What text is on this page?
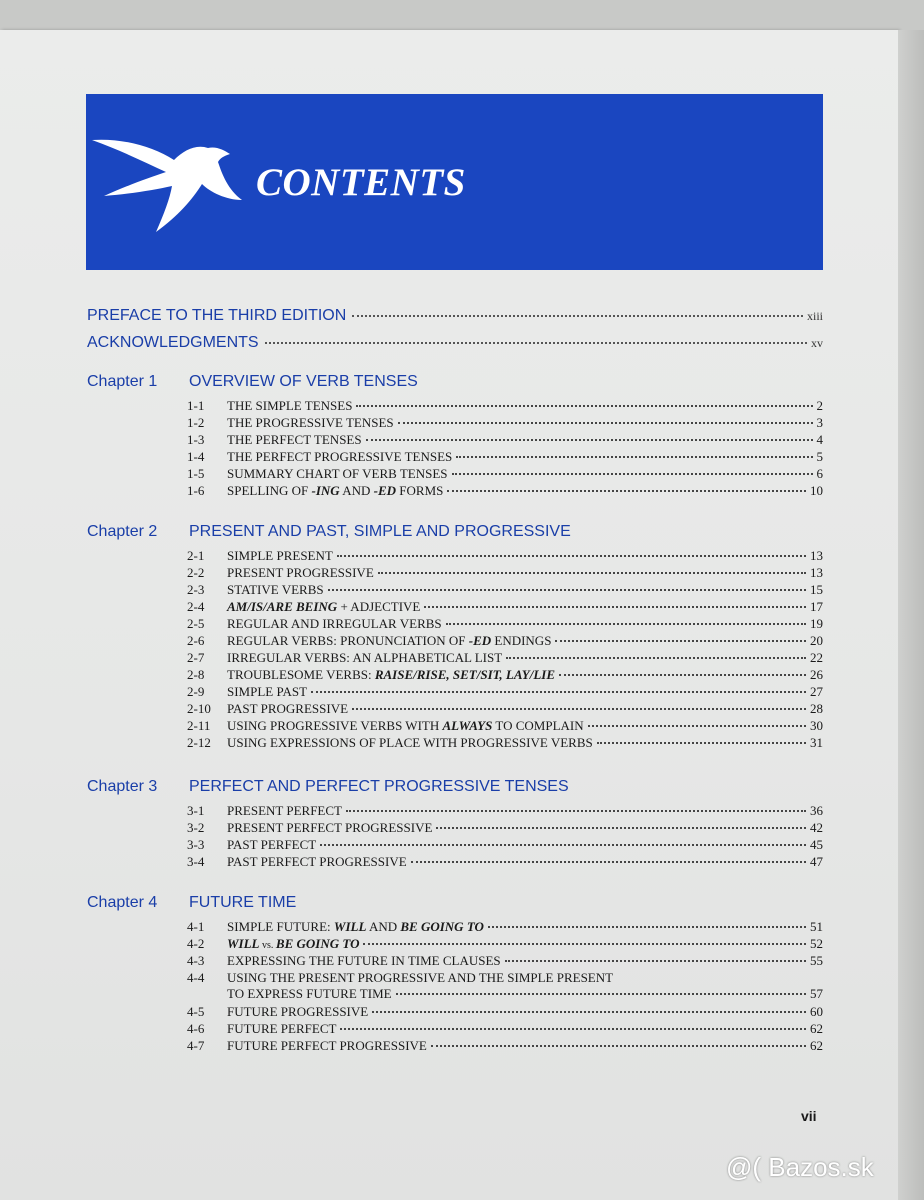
CONTENTS
PREFACE TO THE THIRD EDITION	xiii
ACKNOWLEDGMENTS	xv
Chapter 1	OVERVIEW OF VERB TENSES
1-1	THE SIMPLE TENSES	2
1-2	THE PROGRESSIVE TENSES	3
1-3	THE PERFECT TENSES	4
1-4	THE PERFECT PROGRESSIVE TENSES	5
1-5	SUMMARY CHART OF VERB TENSES	6
1-6	SPELLING OF -ING AND -ED FORMS	10
Chapter 2	PRESENT AND PAST, SIMPLE AND PROGRESSIVE
2-1	SIMPLE PRESENT	13
2-2	PRESENT PROGRESSIVE	13
2-3	STATIVE VERBS	15
2-4	AM/IS/ARE BEING + ADJECTIVE	17
2-5	REGULAR AND IRREGULAR VERBS	19
2-6	REGULAR VERBS: PRONUNCIATION OF -ED ENDINGS	20
2-7	IRREGULAR VERBS: AN ALPHABETICAL LIST	22
2-8	TROUBLESOME VERBS: RAISE/RISE, SET/SIT, LAY/LIE	26
2-9	SIMPLE PAST	27
2-10	PAST PROGRESSIVE	28
2-11	USING PROGRESSIVE VERBS WITH ALWAYS TO COMPLAIN	30
2-12	USING EXPRESSIONS OF PLACE WITH PROGRESSIVE VERBS	31
Chapter 3	PERFECT AND PERFECT PROGRESSIVE TENSES
3-1	PRESENT PERFECT	36
3-2	PRESENT PERFECT PROGRESSIVE	42
3-3	PAST PERFECT	45
3-4	PAST PERFECT PROGRESSIVE	47
Chapter 4	FUTURE TIME
4-1	SIMPLE FUTURE: WILL AND BE GOING TO	51
4-2	WILL vs. BE GOING TO	52
4-3	EXPRESSING THE FUTURE IN TIME CLAUSES	55
4-4	USING THE PRESENT PROGRESSIVE AND THE SIMPLE PRESENT
TO EXPRESS FUTURE TIME	57
4-5	FUTURE PROGRESSIVE	60
4-6	FUTURE PERFECT	62
4-7	FUTURE PERFECT PROGRESSIVE	62
vii
@( Bazos.sk
